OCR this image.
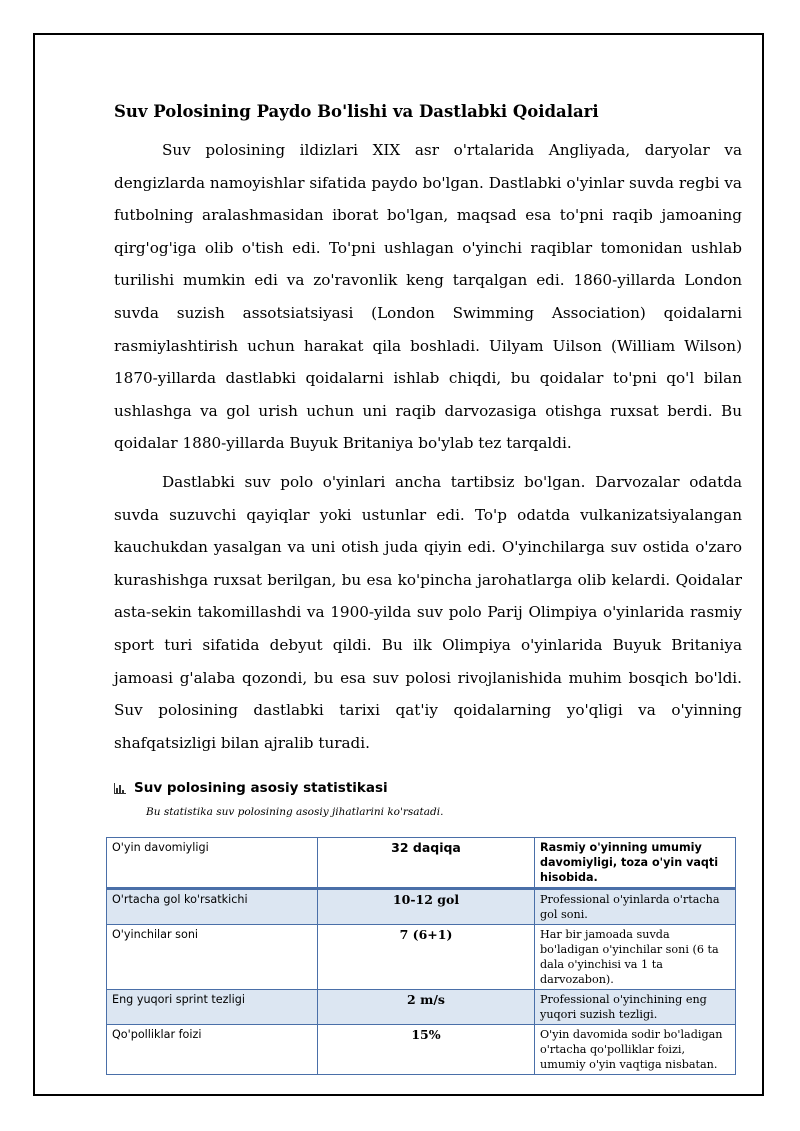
Suv Polosining Paydo Bo'lishi va Dastlabki Qoidalari

Suv polosining ildizlari XIX asr o'rtalarida Angliyada, daryolar va dengizlarda namoyishlar sifatida paydo bo'lgan. Dastlabki o'yinlar suvda regbi va futbolning aralashmasidan iborat bo'lgan, maqsad esa to'pni raqib jamoaning qirg'og'iga olib o'tish edi. To'pni ushlagan o'yinchi raqiblar tomonidan ushlab turilishi mumkin edi va zo'ravonlik keng tarqalgan edi. 1860-yillarda London suvda suzish assotsiatsiyasi (London Swimming Association) qoidalarni rasmiylashtirish uchun harakat qila boshladi. Uilyam Uilson (William Wilson) 1870-yillarda dastlabki qoidalarni ishlab chiqdi, bu qoidalar to'pni qo'l bilan ushlashga va gol urish uchun uni raqib darvozasiga otishga ruxsat berdi. Bu qoidalar 1880-yillarda Buyuk Britaniya bo'ylab tez tarqaldi.

Dastlabki suv polo o'yinlari ancha tartibsiz bo'lgan. Darvozalar odatda suvda suzuvchi qayiqlar yoki ustunlar edi. To'p odatda vulkanizatsiyalangan kauchukdan yasalgan va uni otish juda qiyin edi. O'yinchilarga suv ostida o'zaro kurashishga ruxsat berilgan, bu esa ko'pincha jarohatlarga olib kelardi. Qoidalar asta-sekin takomillashdi va 1900-yilda suv polo Parij Olimpiya o'yinlarida rasmiy sport turi sifatida debyut qildi. Bu ilk Olimpiya o'yinlarida Buyuk Britaniya jamoasi g'alaba qozondi, bu esa suv polosi rivojlanishida muhim bosqich bo'ldi. Suv polosining dastlabki tarixi qat'iy qoidalarning yo'qligi va o'yinning shafqatsizligi bilan ajralib turadi.

Suv polosining asosiy statistikasi
Bu statistika suv polosining asosiy jihatlarini ko'rsatadi.
O'yin davomiyligi	32 daqiqa	Rasmiy o'yinning umumiy davomiyligi, toza o'yin vaqti hisobida.
O'rtacha gol ko'rsatkichi	10-12 gol	Professional o'yinlarda o'rtacha gol soni.
O'yinchilar soni	7 (6+1)	Har bir jamoada suvda bo'ladigan o'yinchilar soni (6 ta dala o'yinchisi va 1 ta darvozabon).
Eng yuqori sprint tezligi	2 m/s	Professional o'yinchining eng yuqori suzish tezligi.
Qo'polliklar foizi	15%	O'yin davomida sodir bo'ladigan o'rtacha qo'polliklar foizi, umumiy o'yin vaqtiga nisbatan.
